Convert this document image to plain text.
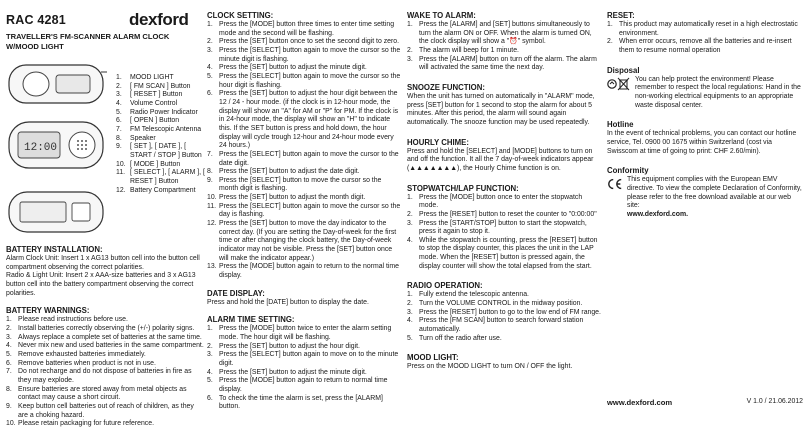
RAC 4281	dexford
TRAVELLER'S FM-SCANNER ALARM CLOCK W/MOOD LIGHT
12:00
1. MOOD LIGHT
2. [ FM SCAN ] Button
3. [ RESET ] Button
4. Volume Control
5. Radio Power Indicator
6. [ OPEN ] Button
7. FM Telescopic Antenna
8. Speaker
9. [ SET ], [ DATE ], [ START / STOP ] Button
10. [ MODE ] Button
11. [ SELECT ], [ ALARM ], [ RESET ] Button
12. Battery Compartment
BATTERY INSTALLATION:

Alarm Clock Unit: Insert 1 x AG13 button cell into the button cell compartment observing the correct polarities.

Radio & Light Unit: Insert 2 x AAA-size batteries and 3 x AG13 button cell into the battery compartment observing the correct polarities.

BATTERY WARNINGS:
1. Please read instructions before use.
2. Install batteries correctly observing the (+/-) polarity signs.
3. Always replace a complete set of batteries at the same time.
4. Never mix new and used batteries in the same compartment.
5. Remove exhausted batteries immediately.
6. Remove batteries when product is not in use.
7. Do not recharge and do not dispose of batteries in fire as they may explode.
8. Ensure batteries are stored away from metal objects as contact may cause a short circuit.
9. Keep button cell batteries out of reach of children, as they are a choking hazard.
10. Please retain packaging for future reference.
CLOCK SETTING:
1. Press the [MODE] button three times to enter time setting mode and the second will be flashing.
2. Press the [SET] button once to set the second digit to zero.
3. Press the [SELECT] button again to move the cursor so the minute digit is flashing.
4. Press the [SET] button to adjust the minute digit.
5. Press the [SELECT] button again to move the cursor so the hour digit is flashing.
6. Press the [SET] button to adjust the hour digit between the 12 / 24 - hour mode. (if the clock is in 12-hour mode, the display will show an "A" for AM or "P" for PM. If the clock is in 24-hour mode, the display will show an "H" to indicate this. If the SET button is press and hold down, the hour display will cycle trough 12-hour and 24-hour mode every 24 hours.)
7. Press the [SELECT] button again to move the cursor to the date digit.
8. Press the [SET] button to adjust the date digit.
9. Press the [SELECT] button to move the cursor so the month digit is flashing.
10. Press the [SET] button to adjust the month digit.
11. Press the [SELECT] button again to move the cursor so the day is flashing.
12. Press the [SET] button to move the day indicator to the correct day. (If you are setting the Day-of-week for the first time or after changing the clock battery, the Day-of-week indicator may not be visible. Press the [SET] button once will make the indicator appear.)
13. Press the [MODE] button again to return to the normal time display.
DATE DISPLAY:

Press and hold the [DATE] button to display the date.

ALARM TIME SETTING:
1. Press the [MODE] button twice to enter the alarm setting mode. The hour digit will be flashing.
2. Press the [SET] button to adjust the hour digit.
3. Press the [SELECT] button again to move on to the minute digit.
4. Press the [SET] button to adjust the minute digit.
5. Press the [MODE] button again to return to normal time display.
6. To check the time the alarm is set, press the [ALARM] button.
WAKE TO ALARM:
1. Press the [ALARM] and [SET] buttons simultaneously to turn the alarm ON or OFF. When the alarm is turned ON, the clock display will show a "⏰" symbol.
2. The alarm will beep for 1 minute.
3. Press the [ALARM] button on turn off the alarm. The alarm will activated the same time the next day.
SNOOZE FUNCTION:

When the unit has turned on automatically in "ALARM" mode, press [SET] button for 1 second to stop the alarm for about 5 minutes. After this period, the alarm will sound again automatically. The snooze function may be used repeatedly.

HOURLY CHIME:

Press and hold the [SELECT] and [MODE] buttons to turn on and off the function. It all the 7 day-of-week indicators appear (▲▲▲▲▲▲▲), the Hourly Chime function is on.

STOPWATCH/LAP FUNCTION:
1. Press the [MODE] button once to enter the stopwatch mode.
2. Press the [RESET] button to reset the counter to "0:00:00"
3. Press the [START/STOP] button to start the stopwatch, press it again to stop it.
4. While the stopwatch is counting, press the [RESET] button to stop the display counter, this places the unit in the LAP mode. When the [RESET] button is pressed again, the display counter will show the total elapsed from the start.
RADIO OPERATION:
1. Fully extend the telescopic antenna.
2. Turn the VOLUME CONTROL in the midway position.
3. Press the [RESET] button to go to the low end of FM range.
4. Press the [FM SCAN] button to search forward station automatically.
5. Turn off the radio after use.
MOOD LIGHT:

Press on the MOOD LIGHT to turn ON / OFF the light.

RESET:
1. This product may automatically reset in a high electrostatic environment.
2. When error occurs, remove all the batteries and re-insert them to resume normal operation
Disposal

You can help protect the environment! Please remember to respect the local regulations: Hand in the non-working electrical equipments to an appropriate waste disposal center.

Hotline

In the event of technical problems, you can contact our hotline service, Tel. 0900 00 1675 within Switzerland (cost via Swisscom at time of going to print: CHF 2.60/min).

Conformity

This equipment complies with the European EMV directive. To view the complete Declaration of Conformity, please refer to the free download available at our web site:

www.dexford.com.

www.dexford.com	V 1.0 / 21.06.2012
